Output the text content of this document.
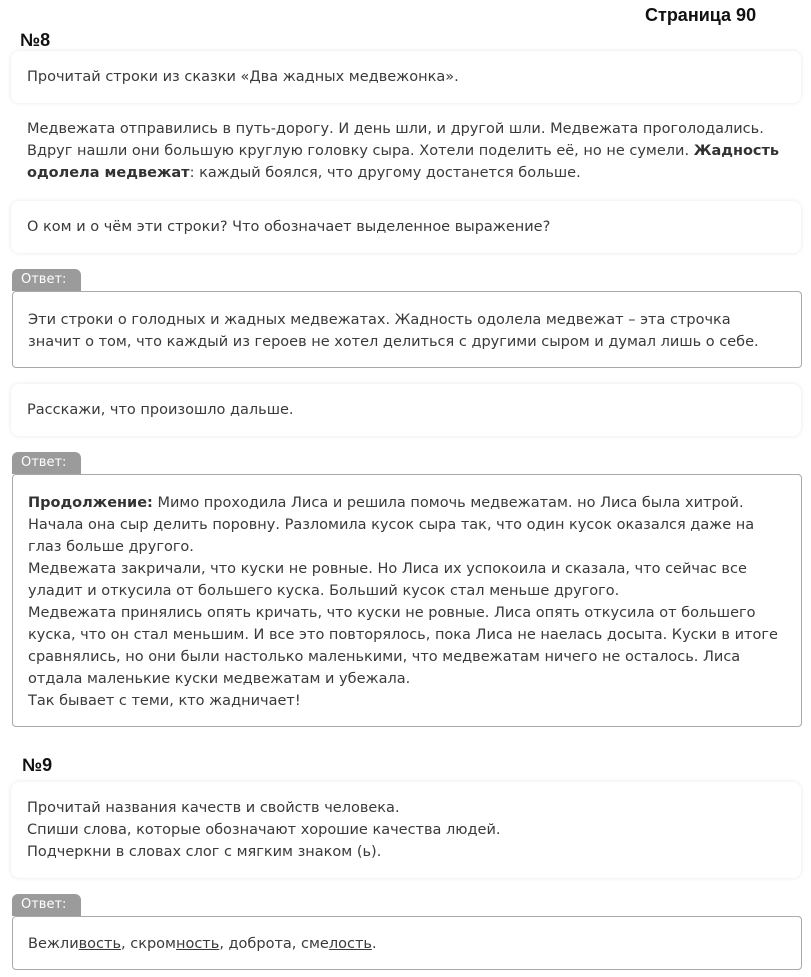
Страница 90
№8
Прочитай строки из сказки «Два жадных медвежонка».
Медвежата отправились в путь-дорогу. И день шли, и другой шли. Медвежата проголодались. Вдруг нашли они большую круглую головку сыра. Хотели поделить её, но не сумели. Жадность одолела медвежат: каждый боялся, что другому достанется больше.
О ком и о чём эти строки? Что обозначает выделенное выражение?
Ответ:
Эти строки о голодных и жадных медвежатах. Жадность одолела медвежат – эта строчка значит о том, что каждый из героев не хотел делиться с другими сыром и думал лишь о себе.
Расскажи, что произошло дальше.
Ответ:
Продолжение: Мимо проходила Лиса и решила помочь медвежатам. но Лиса была хитрой. Начала она сыр делить поровну. Разломила кусок сыра так, что один кусок оказался даже на глаз больше другого.
Медвежата закричали, что куски не ровные. Но Лиса их успокоила и сказала, что сейчас все уладит и откусила от большего куска. Больший кусок стал меньше другого.
Медвежата принялись опять кричать, что куски не ровные. Лиса опять откусила от большего куска, что он стал меньшим. И все это повторялось, пока Лиса не наелась досыта. Куски в итоге сравнялись, но они были настолько маленькими, что медвежатам ничего не осталось. Лиса отдала маленькие куски медвежатам и убежала.
Так бывает с теми, кто жадничает!
№9
Прочитай названия качеств и свойств человека.
Спиши слова, которые обозначают хорошие качества людей.
Подчеркни в словах слог с мягким знаком (ь).
Ответ:
Вежливость, скромность, доброта, смелость.
